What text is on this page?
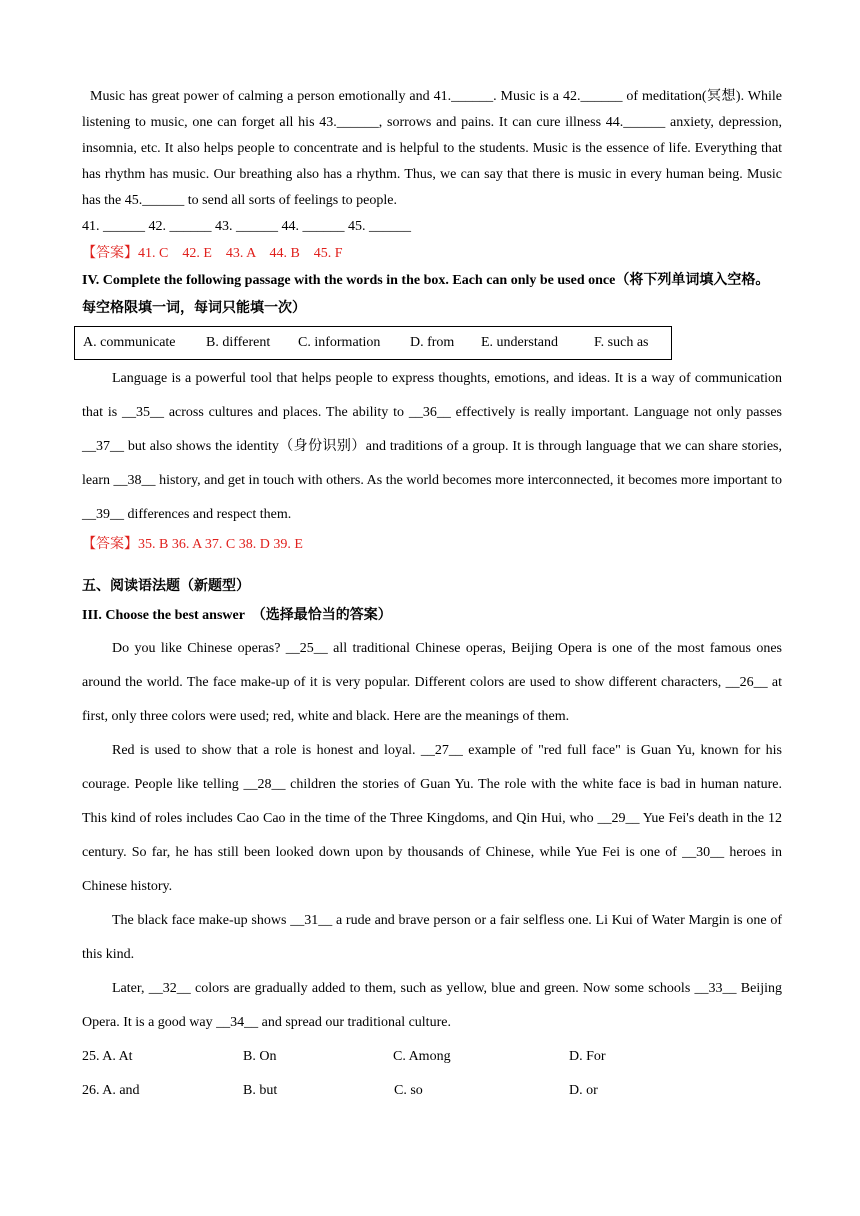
Music has great power of calming a person emotionally and 41.______. Music is a 42.______ of meditation(冥想). While listening to music, one can forget all his 43.______, sorrows and pains. It can cure illness 44.______ anxiety, depression, insomnia, etc. It also helps people to concentrate and is helpful to the students. Music is the essence of life. Everything that has rhythm has music. Our breathing also has a rhythm. Thus, we can say that there is music in every human being. Music has the 45.______ to send all sorts of feelings to people.
41. ______ 42. ______ 43. ______ 44. ______ 45. ______
【答案】41. C　42. E　43. A　44. B　45. F
IV. Complete the following passage with the words in the box. Each can only be used once（将下列单词填入空格。每空格限填一词，每词只能填一次）
A. communicate	B. different	C. information	D. from	E. understand	F. such as
Language is a powerful tool that helps people to express thoughts, emotions, and ideas. It is a way of communication that is __35__ across cultures and places. The ability to __36__ effectively is really important. Language not only passes __37__ but also shows the identity（身份识别）and traditions of a group. It is through language that we can share stories, learn __38__ history, and get in touch with others. As the world becomes more interconnected, it becomes more important to __39__ differences and respect them.
【答案】35. B 36. A 37. C 38. D 39. E
五、阅读语法题（新题型）
III. Choose the best answer　（选择最恰当的答案）
Do you like Chinese operas? __25__ all traditional Chinese operas, Beijing Opera is one of the most famous ones around the world. The face make-up of it is very popular. Different colors are used to show different characters, __26__ at first, only three colors were used; red, white and black. Here are the meanings of them.
Red is used to show that a role is honest and loyal. __27__ example of "red full face" is Guan Yu, known for his courage. People like telling __28__ children the stories of Guan Yu. The role with the white face is bad in human nature. This kind of roles includes Cao Cao in the time of the Three Kingdoms, and Qin Hui, who __29__ Yue Fei's death in the 12 century. So far, he has still been looked down upon by thousands of Chinese, while Yue Fei is one of __30__ heroes in Chinese history.
The black face make-up shows __31__ a rude and brave person or a fair selfless one. Li Kui of Water Margin is one of this kind.
Later, __32__ colors are gradually added to them, such as yellow, blue and green. Now some schools __33__ Beijing Opera. It is a good way __34__ and spread our traditional culture.
25. A. At	B. On	C. Among	D. For
26. A. and	B. but	C. so	D. or
